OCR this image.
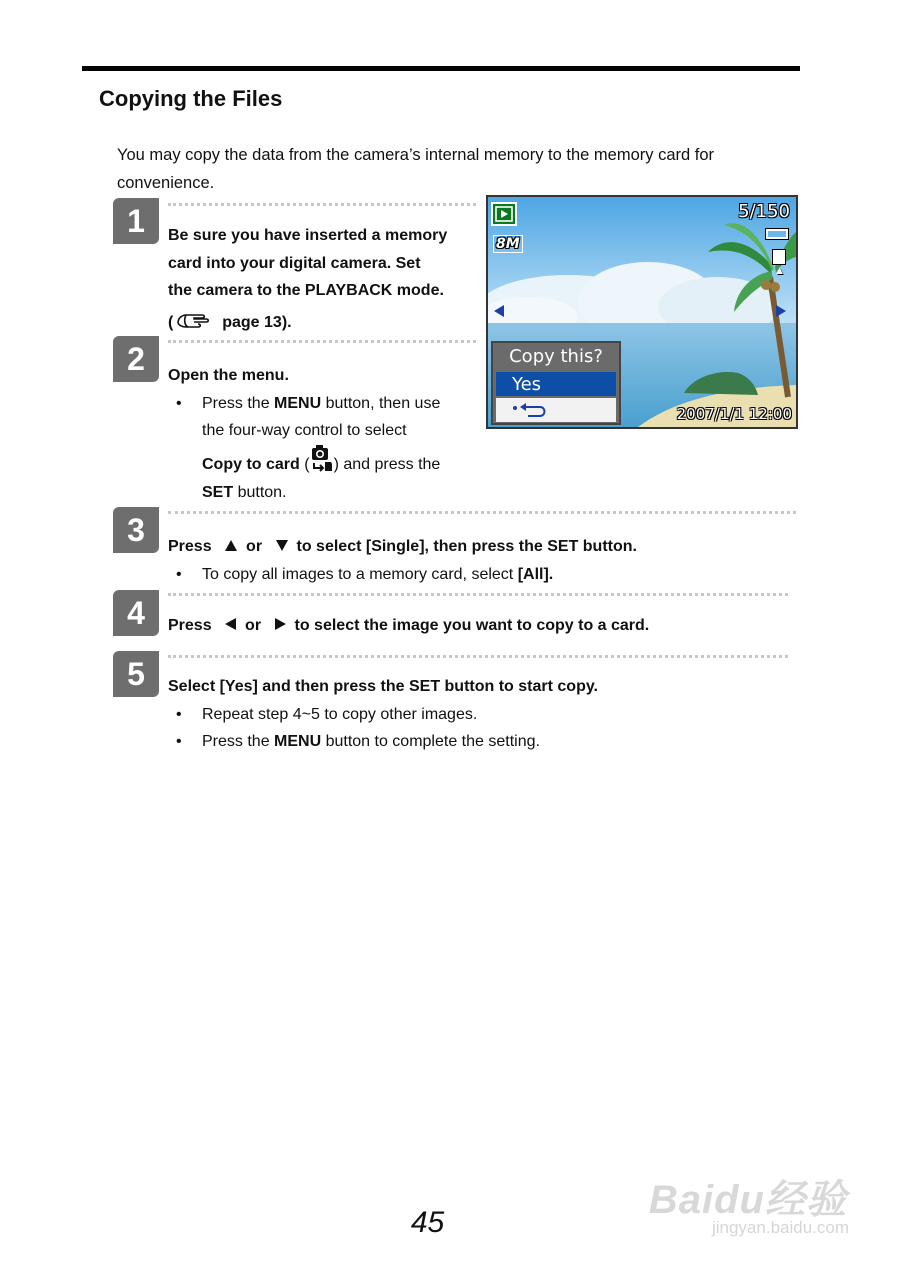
Copying the Files
You may copy the data from the camera’s internal memory to the memory card for
convenience.
1	Be sure you have inserted a memory
card into your digital camera. Set
the camera to the PLAYBACK mode.
(	page 13).
5/150
8M
▲
Copy this?
Yes
2007/1/1 12:00
2	Open the menu.
• Press the MENU button, then use
the four-way control to select
Copy to card ( ) and press the
SET button.
3	Press or to select [Single], then press the SET button.
• To copy all images to a memory card, select [All].
4	Press or to select the image you want to copy to a card.
5	Select [Yes] and then press the SET button to start copy.
• Repeat step 4~5 to copy other images.
• Press the MENU button to complete the setting.
45
Baidu经验
jingyan.baidu.com
